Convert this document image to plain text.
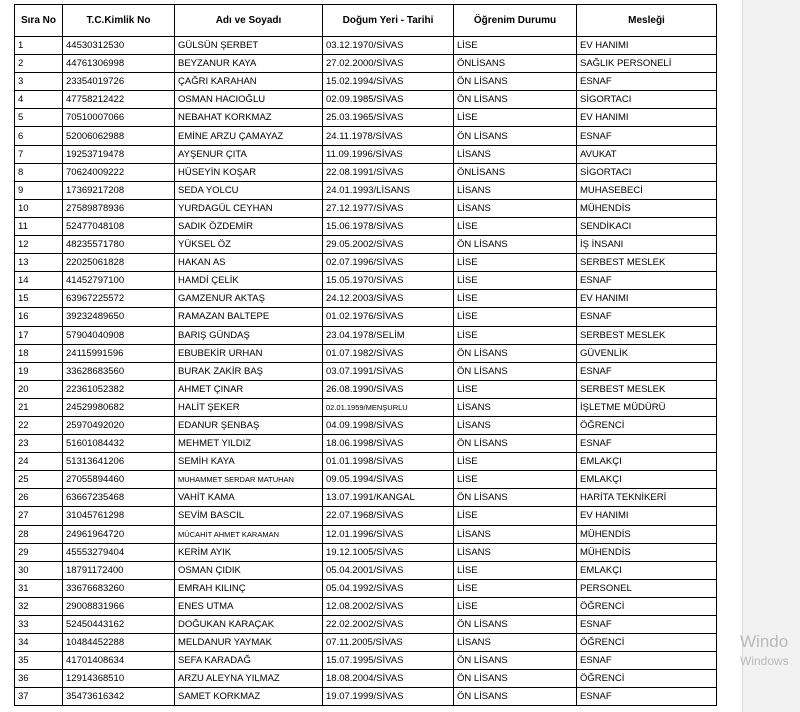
Sıra No	T.C.Kimlik No	Adı ve Soyadı	Doğum Yeri - Tarihi	Öğrenim Durumu	Mesleği
1	44530312530	GÜLSÜN ŞERBET	03.12.1970/SİVAS	LİSE	EV HANIMI
2	44761306998	BEYZANUR KAYA	27.02.2000/SİVAS	ÖNLİSANS	SAĞLIK PERSONELİ
3	23354019726	ÇAĞRI KARAHAN	15.02.1994/SİVAS	ÖN LİSANS	ESNAF
4	47758212422	OSMAN HACIOĞLU	02.09.1985/SİVAS	ÖN LİSANS	SİGORTACI
5	70510007066	NEBAHAT KORKMAZ	25.03.1965/SİVAS	LİSE	EV HANIMI
6	52006062988	EMİNE ARZU ÇAMAYAZ	24.11.1978/SİVAS	ÖN LİSANS	ESNAF
7	19253719478	AYŞENUR ÇITA	11.09.1996/SİVAS	LİSANS	AVUKAT
8	70624009222	HÜSEYİN KOŞAR	22.08.1991/SİVAS	ÖNLİSANS	SİGORTACI
9	17369217208	SEDA YOLCU	24.01.1993/LİSANS	LİSANS	MUHASEBECİ
10	27589878936	YURDAGÜL CEYHAN	27.12.1977/SİVAS	LİSANS	MÜHENDİS
11	52477048108	SADIK ÖZDEMİR	15.06.1978/SİVAS	LİSE	SENDİKACI
12	48235571780	YÜKSEL ÖZ	29.05.2002/SİVAS	ÖN LİSANS	İŞ İNSANI
13	22025061828	HAKAN AS	02.07.1996/SİVAS	LİSE	SERBEST MESLEK
14	41452797100	HAMDİ ÇELİK	15.05.1970/SİVAS	LİSE	ESNAF
15	63967225572	GAMZENUR AKTAŞ	24.12.2003/SİVAS	LİSE	EV HANIMI
16	39232489650	RAMAZAN BALTEPE	01.02.1976/SİVAS	LİSE	ESNAF
17	57904040908	BARIŞ GÜNDAŞ	23.04.1978/SELİM	LİSE	SERBEST MESLEK
18	24115991596	EBUBEKİR URHAN	01.07.1982/SİVAS	ÖN LİSANS	GÜVENLİK
19	33628683560	BURAK ZAKİR BAŞ	03.07.1991/SİVAS	ÖN LİSANS	ESNAF
20	22361052382	AHMET ÇINAR	26.08.1990/SİVAS	LİSE	SERBEST MESLEK
21	24529980682	HALİT ŞEKER	02.01.1959/MENŞURLU	LİSANS	İŞLETME MÜDÜRÜ
22	25970492020	EDANUR ŞENBAŞ	04.09.1998/SİVAS	LİSANS	ÖĞRENCİ
23	51601084432	MEHMET YILDIZ	18.06.1998/SİVAS	ÖN LİSANS	ESNAF
24	51313641206	SEMİH KAYA	01.01.1998/SİVAS	LİSE	EMLAKÇI
25	27055894460	MUHAMMET SERDAR MATUHAN	09.05.1994/SİVAS	LİSE	EMLAKÇI
26	63667235468	VAHİT KAMA	13.07.1991/KANGAL	ÖN LİSANS	HARİTA TEKNİKERİ
27	31045761298	SEVİM BASCIL	22.07.1968/SİVAS	LİSE	EV HANIMI
28	24961964720	MÜCAHİT AHMET KARAMAN	12.01.1996/SİVAS	LİSANS	MÜHENDİS
29	45553279404	KERİM AYIK	19.12.1005/SİVAS	LİSANS	MÜHENDİS
30	18791172400	OSMAN ÇIDIK	05.04.2001/SİVAS	LİSE	EMLAKÇI
31	33676683260	EMRAH KILINÇ	05.04.1992/SİVAS	LİSE	PERSONEL
32	29008831966	ENES UTMA	12.08.2002/SİVAS	LİSE	ÖĞRENCİ
33	52450443162	DOĞUKAN KARAÇAK	22.02.2002/SİVAS	ÖN LİSANS	ESNAF
34	10484452288	MELDANUR YAYMAK	07.11.2005/SİVAS	LİSANS	ÖĞRENCİ
35	41701408634	SEFA KARADAĞ	15.07.1995/SİVAS	ÖN LİSANS	ESNAF
36	12914368510	ARZU ALEYNA YILMAZ	18.08.2004/SİVAS	ÖN LİSANS	ÖĞRENCİ
37	35473616342	SAMET KORKMAZ	19.07.1999/SİVAS	ÖN LİSANS	ESNAF
Windo
Windows
